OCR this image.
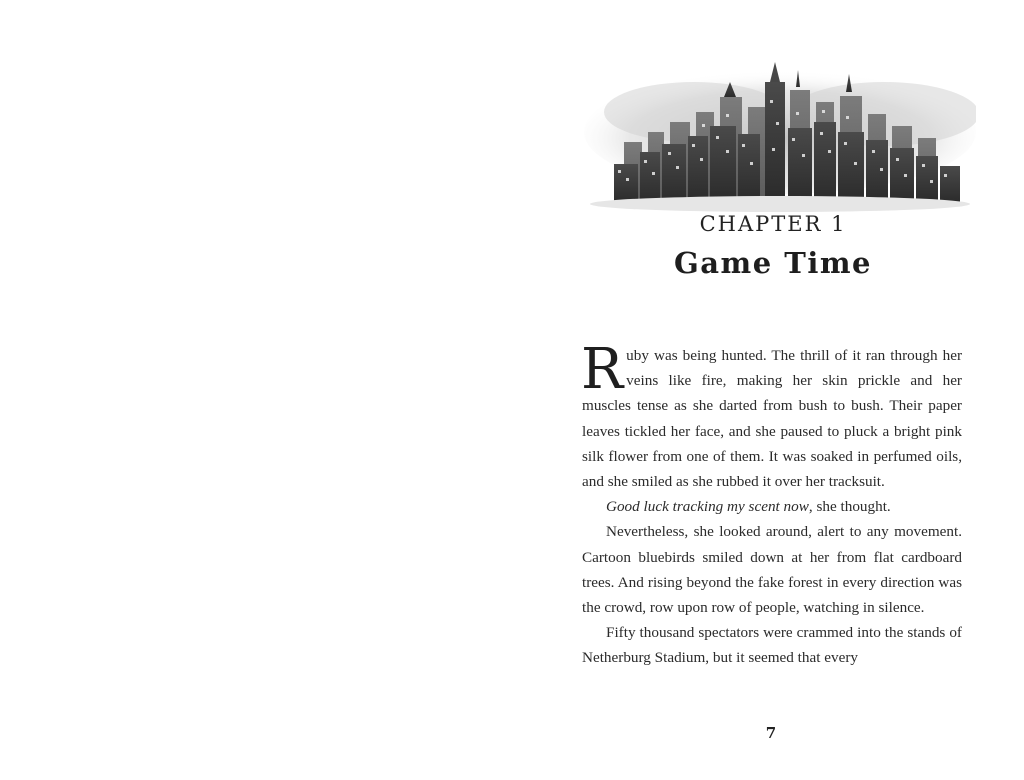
CHAPTER 1
Game Time

Ruby was being hunted. The thrill of it ran through her veins like fire, making her skin prickle and her muscles tense as she darted from bush to bush. Their paper leaves tickled her face, and she paused to pluck a bright pink silk flower from one of them. It was soaked in perfumed oils, and she smiled as she rubbed it over her tracksuit.

Good luck tracking my scent now, she thought.

Nevertheless, she looked around, alert to any movement. Cartoon bluebirds smiled down at her from flat cardboard trees. And rising beyond the fake forest in every direction was the crowd, row upon row of people, watching in silence.

Fifty thousand spectators were crammed into the stands of Netherburg Stadium, but it seemed that every

7
